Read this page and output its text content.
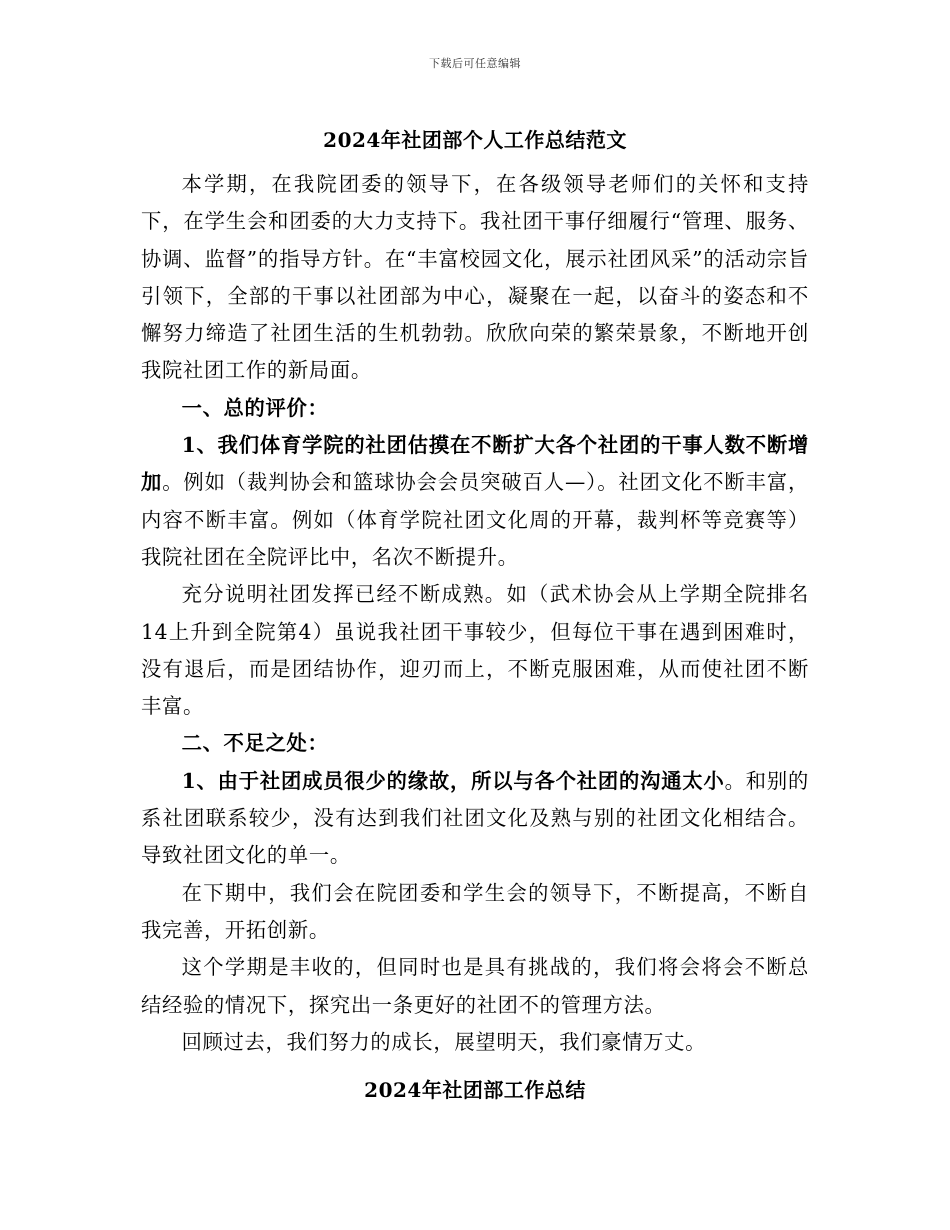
下载后可任意编辑
2024年社团部个人工作总结范文

本学期，在我院团委的领导下，在各级领导老师们的关怀和支持下，在学生会和团委的大力支持下。我社团干事仔细履行“管理、服务、协调、监督”的指导方针。在“丰富校园文化，展示社团风采”的活动宗旨引领下，全部的干事以社团部为中心，凝聚在一起，以奋斗的姿态和不懈努力缔造了社团生活的生机勃勃。欣欣向荣的繁荣景象，不断地开创我院社团工作的新局面。

一、总的评价：

1、我们体育学院的社团估摸在不断扩大各个社团的干事人数不断增加。例如（裁判协会和篮球协会会员突破百人—）。社团文化不断丰富，内容不断丰富。例如（体育学院社团文化周的开幕，裁判杯等竞赛等）我院社团在全院评比中，名次不断提升。

充分说明社团发挥已经不断成熟。如（武术协会从上学期全院排名14上升到全院第4）虽说我社团干事较少，但每位干事在遇到困难时，没有退后，而是团结协作，迎刃而上，不断克服困难，从而使社团不断丰富。

二、不足之处：

1、由于社团成员很少的缘故，所以与各个社团的沟通太小。和别的系社团联系较少，没有达到我们社团文化及熟与别的社团文化相结合。导致社团文化的单一。

在下期中，我们会在院团委和学生会的领导下，不断提高，不断自我完善，开拓创新。

这个学期是丰收的，但同时也是具有挑战的，我们将会将会不断总结经验的情况下，探究出一条更好的社团不的管理方法。

回顾过去，我们努力的成长，展望明天，我们豪情万丈。

2024年社团部工作总结
